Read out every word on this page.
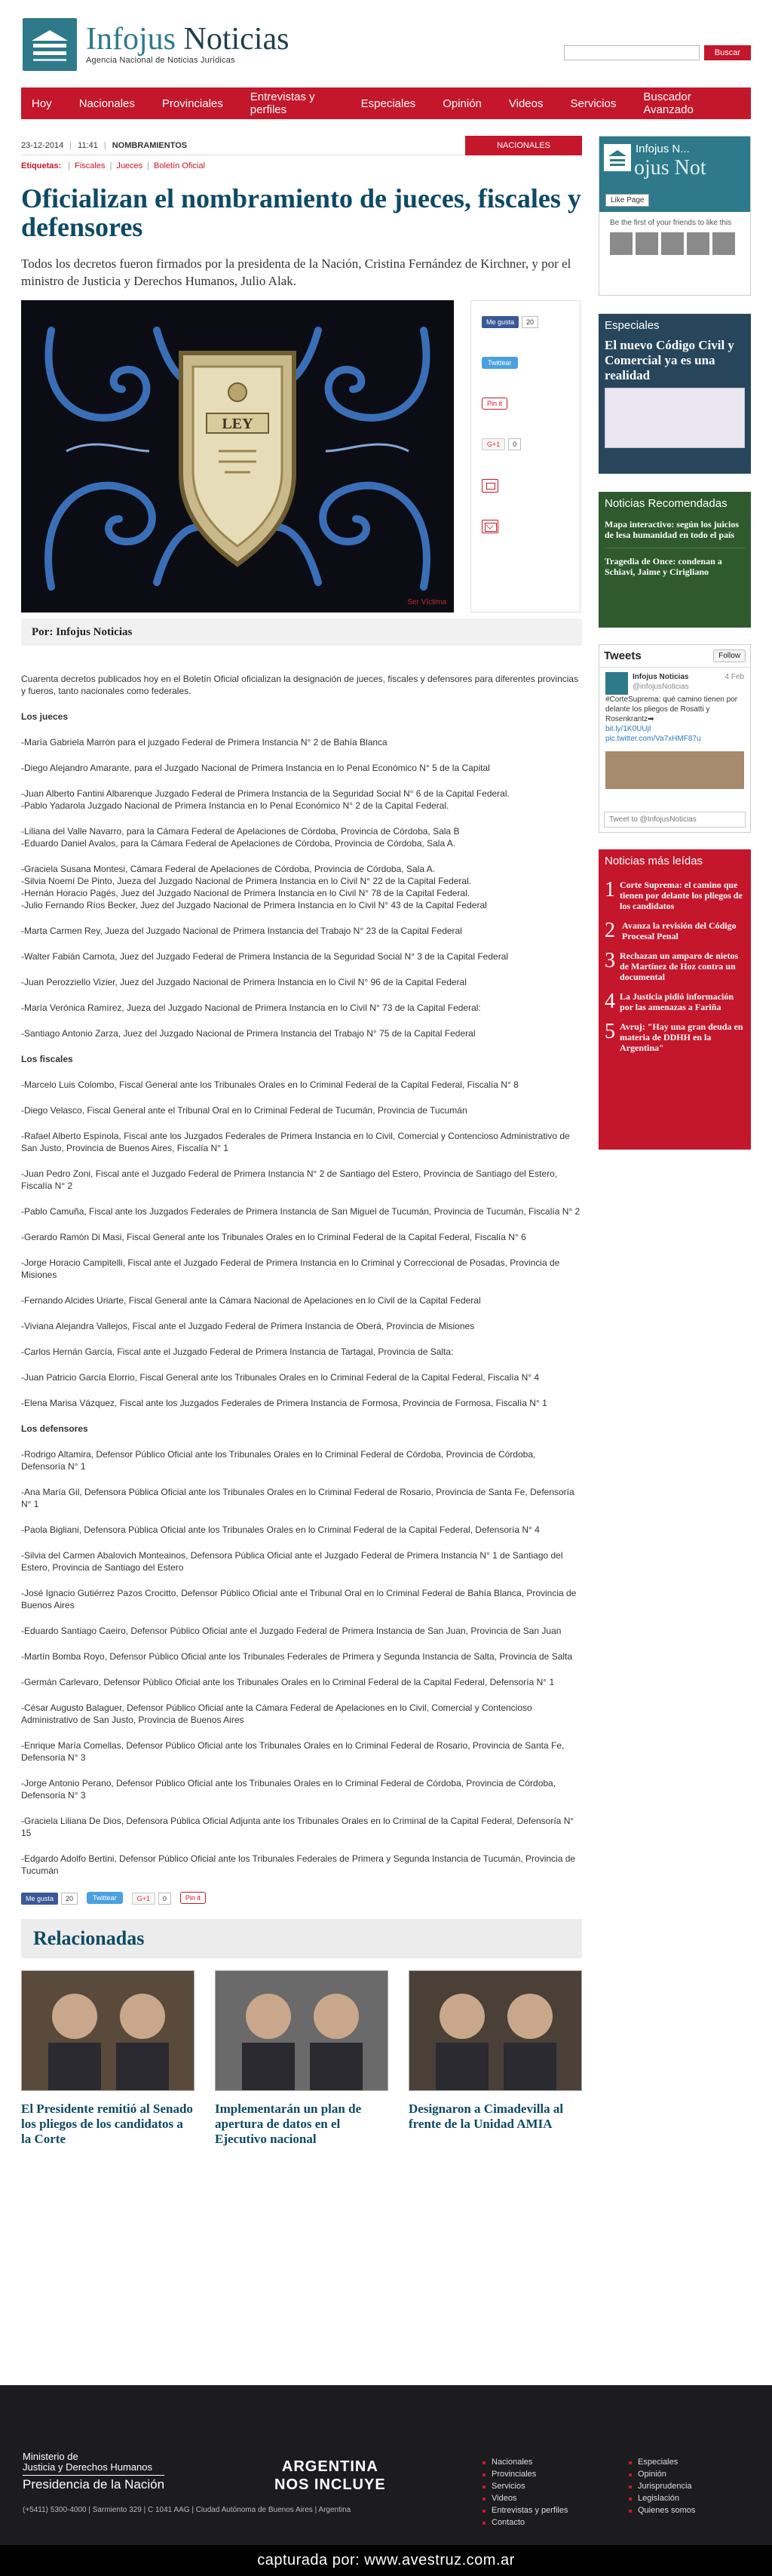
Infojus Noticias
Agencia Nacional de Noticias Jurídicas
Buscar
Hoy Nacionales Provinciales Entrevistas y perfiles	Especiales Opinión Videos Servicios Buscador Avanzado
23-12-2014 | 11:41 | NOMBRAMIENTOS	NACIONALES
Etiquetas: | Fiscales | Jueces | Boletín Oficial
Oficializan el nombramiento de jueces, fiscales y defensores

Todos los decretos fueron firmados por la presidenta de la Nación, Cristina Fernández de Kirchner, y por el ministro de Justicia y Derechos Humanos, Julio Alak.

LEY
Ser Víctima
Me gusta	20
Twittear
Pin it
G+1	0
Por: Infojus Noticias

Cuarenta decretos publicados hoy en el Boletín Oficial oficializan la designación de jueces, fiscales y defensores para diferentes provincias y fueros, tanto nacionales como federales.

Los jueces

-María Gabriela Marrón para el juzgado Federal de Primera Instancia N° 2 de Bahía Blanca

-Diego Alejandro Amarante, para el Juzgado Nacional de Primera Instancia en lo Penal Económico N° 5 de la Capital

-Juan Alberto Fantini Albarenque Juzgado Federal de Primera Instancia de la Seguridad Social N° 6 de la Capital Federal.

-Pablo Yadarola Juzgado Nacional de Primera Instancia en lo Penal Económico N° 2 de la Capital Federal.

-Liliana del Valle Navarro, para la Cámara Federal de Apelaciones de Córdoba, Provincia de Córdoba, Sala B

-Eduardo Daniel Avalos, para la Cámara Federal de Apelaciones de Córdoba, Provincia de Córdoba, Sala A.

-Graciela Susana Montesi, Cámara Federal de Apelaciones de Córdoba, Provincia de Córdoba, Sala A.

-Silvia Noemí De Pinto, Jueza del Juzgado Nacional de Primera Instancia en lo Civil N° 22 de la Capital Federal.

-Hernán Horacio Pagés, Juez del Juzgado Nacional de Primera Instancia en lo Civil N° 78 de la Capital Federal.

-Julio Fernando Ríos Becker, Juez del Juzgado Nacional de Primera Instancia en lo Civil N° 43 de la Capital Federal

-Marta Carmen Rey, Jueza del Juzgado Nacional de Primera Instancia del Trabajo N° 23 de la Capital Federal

-Walter Fabián Carnota, Juez del Juzgado Federal de Primera Instancia de la Seguridad Social N° 3 de la Capital Federal

-Juan Perozziello Vizier, Juez del Juzgado Nacional de Primera Instancia en lo Civil N° 96 de la Capital Federal

-María Verónica Ramírez, Jueza del Juzgado Nacional de Primera Instancia en lo Civil N° 73 de la Capital Federal:

-Santiago Antonio Zarza, Juez del Juzgado Nacional de Primera Instancia del Trabajo N° 75 de la Capital Federal

Los fiscales

-Marcelo Luis Colombo, Fiscal General ante los Tribunales Orales en lo Criminal Federal de la Capital Federal, Fiscalía N° 8

-Diego Velasco, Fiscal General ante el Tribunal Oral en lo Criminal Federal de Tucumán, Provincia de Tucumán

-Rafael Alberto Espínola, Fiscal ante los Juzgados Federales de Primera Instancia en lo Civil, Comercial y Contencioso Administrativo de San Justo, Provincia de Buenos Aires, Fiscalía N° 1

-Juan Pedro Zoni, Fiscal ante el Juzgado Federal de Primera Instancia N° 2 de Santiago del Estero, Provincia de Santiago del Estero, Fiscalía N° 2

-Pablo Camuña, Fiscal ante los Juzgados Federales de Primera Instancia de San Miguel de Tucumán, Provincia de Tucumán, Fiscalía N° 2

-Gerardo Ramón Di Masi, Fiscal General ante los Tribunales Orales en lo Criminal Federal de la Capital Federal, Fiscalía N° 6

-Jorge Horacio Campitelli, Fiscal ante el Juzgado Federal de Primera Instancia en lo Criminal y Correccional de Posadas, Provincia de Misiones

-Fernando Alcides Uriarte, Fiscal General ante la Cámara Nacional de Apelaciones en lo Civil de la Capital Federal

-Viviana Alejandra Vallejos, Fiscal ante el Juzgado Federal de Primera Instancia de Oberá, Provincia de Misiones

-Carlos Hernán García, Fiscal ante el Juzgado Federal de Primera Instancia de Tartagal, Provincia de Salta:

-Juan Patricio García Elorrio, Fiscal General ante los Tribunales Orales en lo Criminal Federal de la Capital Federal, Fiscalía N° 4

-Elena Marisa Vázquez, Fiscal ante los Juzgados Federales de Primera Instancia de Formosa, Provincia de Formosa, Fiscalía N° 1

Los defensores

-Rodrigo Altamira, Defensor Público Oficial ante los Tribunales Orales en lo Criminal Federal de Córdoba, Provincia de Córdoba, Defensoría N° 1

-Ana María Gil, Defensora Pública Oficial ante los Tribunales Orales en lo Criminal Federal de Rosario, Provincia de Santa Fe, Defensoría N° 1

-Paola Bigliani, Defensora Pública Oficial ante los Tribunales Orales en lo Criminal Federal de la Capital Federal, Defensoría N° 4

-Silvia del Carmen Abalovich Monteainos, Defensora Pública Oficial ante el Juzgado Federal de Primera Instancia N° 1 de Santiago del Estero, Provincia de Santiago del Estero

-José Ignacio Gutiérrez Pazos Crocitto, Defensor Público Oficial ante el Tribunal Oral en lo Criminal Federal de Bahía Blanca, Provincia de Buenos Aires

-Eduardo Santiago Caeiro, Defensor Público Oficial ante el Juzgado Federal de Primera Instancia de San Juan, Provincia de San Juan

-Martín Bomba Royo, Defensor Público Oficial ante los Tribunales Federales de Primera y Segunda Instancia de Salta, Provincia de Salta

-Germán Carlevaro, Defensor Público Oficial ante los Tribunales Orales en lo Criminal Federal de la Capital Federal, Defensoría N° 1

-César Augusto Balaguer, Defensor Público Oficial ante la Cámara Federal de Apelaciones en lo Civil, Comercial y Contencioso Administrativo de San Justo, Provincia de Buenos Aires

-Enrique María Comellas, Defensor Público Oficial ante los Tribunales Orales en lo Criminal Federal de Rosario, Provincia de Santa Fe, Defensoría N° 3

-Jorge Antonio Perano, Defensor Público Oficial ante los Tribunales Orales en lo Criminal Federal de Córdoba, Provincia de Córdoba, Defensoría N° 3

-Graciela Liliana De Dios, Defensora Pública Oficial Adjunta ante los Tribunales Orales en lo Criminal de la Capital Federal, Defensoría N° 15

-Edgardo Adolfo Bertini, Defensor Público Oficial ante los Tribunales Federales de Primera y Segunda Instancia de Tucumán, Provincia de Tucumán

Me gusta 20	Twittear	G+1 0	Pin it
Relacionadas
El Presidente remitió al Senado los pliegos de los candidatos a la Corte
Implementarán un plan de apertura de datos en el Ejecutivo nacional
Designaron a Cimadevilla al frente de la Unidad AMIA
Infojus N...
ojus Not
Like Page
Be the first of your friends to like this
Especiales
El nuevo Código Civil y Comercial ya es una realidad
Noticias Recomendadas
Mapa interactivo: según los juicios de lesa humanidad en todo el país
Tragedia de Once: condenan a Schiavi, Jaime y Cirigliano
Tweets	Follow
4 Feb
Infojus Noticias
@infojusNoticias
#CorteSuprema: qué camino tienen por delante los pliegos de Rosatti y Rosenkrantz➡
bit.ly/1K0UUjI
pic.twitter.com/Va7xHMF87u
Tweet to @InfojusNoticias
Noticias más leídas
1 Corte Suprema: el camino que tienen por delante los pliegos de los candidatos
2 Avanza la revisión del Código Procesal Penal
3 Rechazan un amparo de nietos de Martínez de Hoz contra un documental
4 La Justicia pidió información por las amenazas a Fariña
5 Avruj: "Hay una gran deuda en materia de DDHH en la Argentina"
Ministerio de
Justicia y Derechos Humanos
Presidencia de la Nación
(+5411) 5300-4000 | Sarmiento 329 | C 1041 AAG | Ciudad Autónoma de Buenos Aires | Argentina
ARGENTINA
NOS INCLUYE
Nacionales	Especiales
Provinciales	Opinión
Servicios	Jurisprudencia
Videos	Legislación
Entrevistas y perfiles	Quienes somos
Contacto
capturada por: www.avestruz.com.ar
